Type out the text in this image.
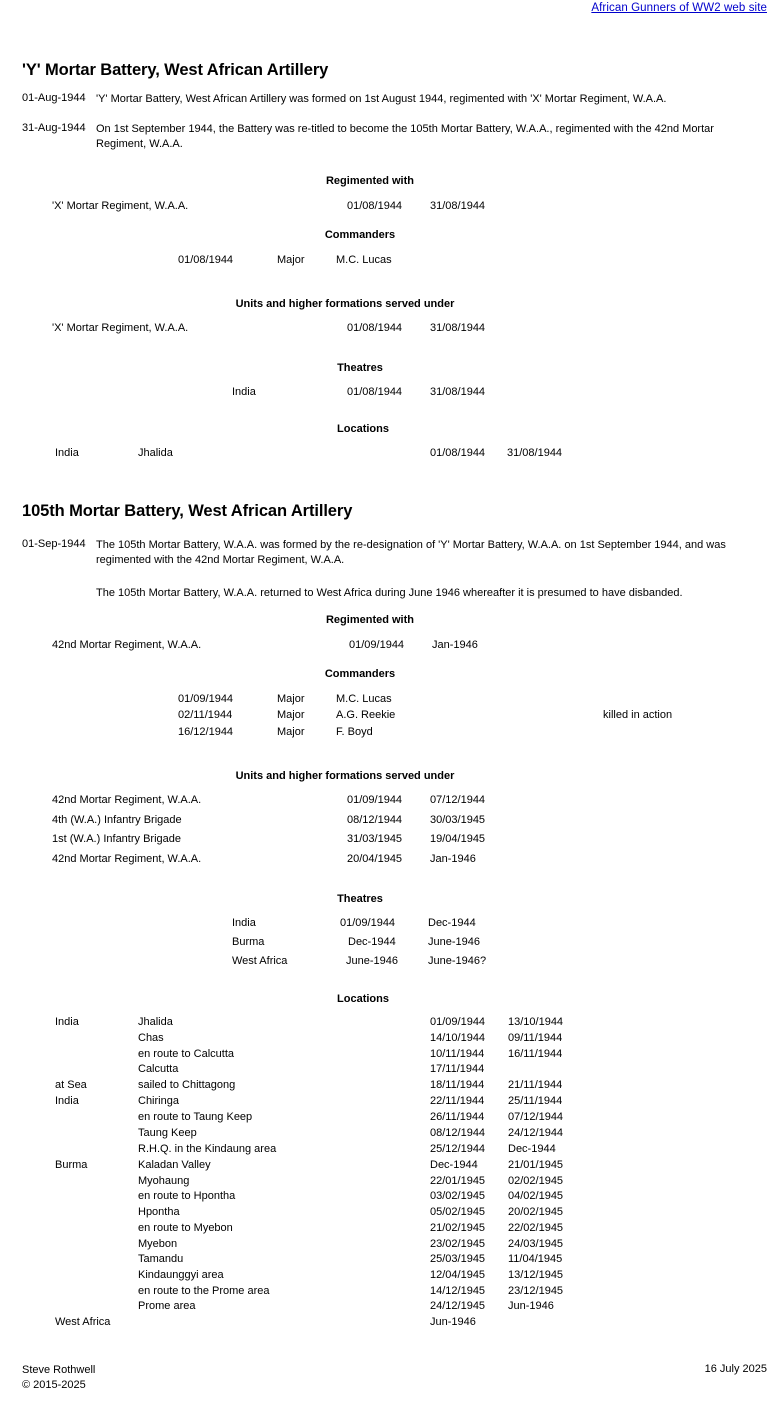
African Gunners of WW2 web site
'Y' Mortar Battery, West African Artillery
01-Aug-1944 'Y' Mortar Battery, West African Artillery was formed on 1st August 1944, regimented with 'X' Mortar Regiment, W.A.A.
31-Aug-1944 On 1st September 1944, the Battery was re-titled to become the 105th Mortar Battery, W.A.A., regimented with the 42nd Mortar Regiment, W.A.A.
Regimented with
'X' Mortar Regiment, W.A.A.	01/08/1944	31/08/1944
Commanders
01/08/1944	Major	M.C. Lucas
Units and higher formations served under
'X' Mortar Regiment, W.A.A.	01/08/1944	31/08/1944
Theatres
India	01/08/1944	31/08/1944
Locations
India	Jhalida	01/08/1944 31/08/1944
105th Mortar Battery, West African Artillery
01-Sep-1944 The 105th Mortar Battery, W.A.A. was formed by the re-designation of 'Y' Mortar Battery, W.A.A. on 1st September 1944, and was regimented with the 42nd Mortar Regiment, W.A.A.
The 105th Mortar Battery, W.A.A. returned to West Africa during June 1946 whereafter it is presumed to have disbanded.
Regimented with
42nd Mortar Regiment, W.A.A.	01/09/1944	Jan-1946
Commanders
01/09/1944	Major	M.C. Lucas
02/11/1944	Major	A.G. Reekie	killed in action
16/12/1944	Major	F. Boyd
Units and higher formations served under
42nd Mortar Regiment, W.A.A.	01/09/1944	07/12/1944
4th (W.A.) Infantry Brigade	08/12/1944	30/03/1945
1st (W.A.) Infantry Brigade	31/03/1945	19/04/1945
42nd Mortar Regiment, W.A.A.	20/04/1945	Jan-1946
Theatres
India	01/09/1944	Dec-1944
Burma	Dec-1944	June-1946
West Africa	June-1946	June-1946?
Locations
India	Jhalida	01/09/1944 13/10/1944
Chas	14/10/1944 09/11/1944
en route to Calcutta	10/11/1944 16/11/1944
Calcutta	17/11/1944
at Sea	sailed to Chittagong	18/11/1944 21/11/1944
India	Chiringa	22/11/1944 25/11/1944
en route to Taung Keep	26/11/1944 07/12/1944
Taung Keep	08/12/1944 24/12/1944
R.H.Q. in the Kindaung area	25/12/1944 Dec-1944
Burma	Kaladan Valley	Dec-1944	21/01/1945
Myohaung	22/01/1945 02/02/1945
en route to Hpontha	03/02/1945 04/02/1945
Hpontha	05/02/1945 20/02/1945
en route to Myebon	21/02/1945 22/02/1945
Myebon	23/02/1945 24/03/1945
Tamandu	25/03/1945 11/04/1945
Kindaunggyi area	12/04/1945 13/12/1945
en route to the Prome area	14/12/1945 23/12/1945
Prome area	24/12/1945 Jun-1946
West Africa	Jun-1946
Steve Rothwell
© 2015-2025
16 July 2025
